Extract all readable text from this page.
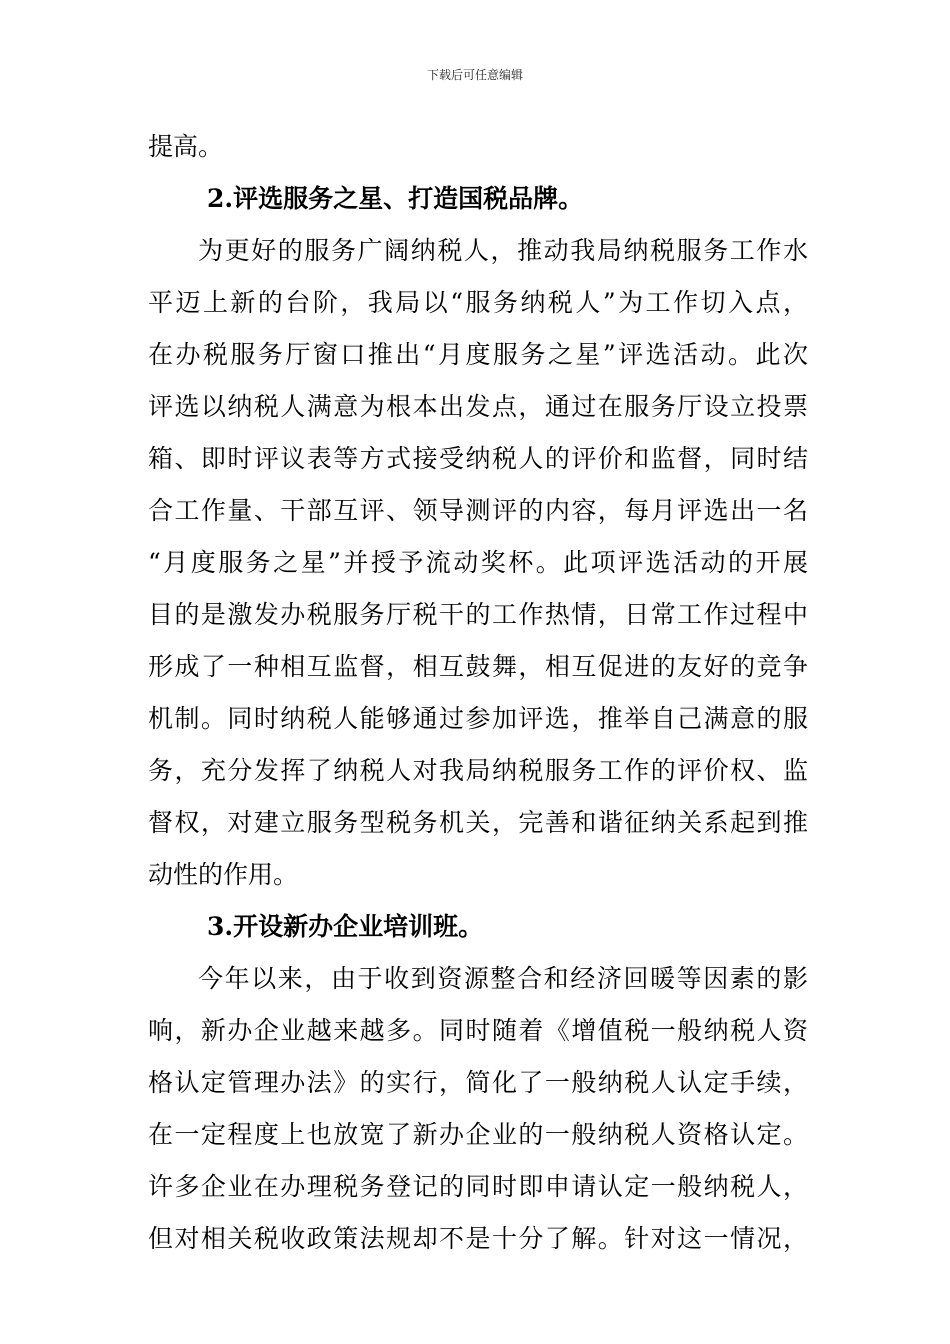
下载后可任意编辑
提高。
2.评选服务之星、打造国税品牌。
为更好的服务广阔纳税人，推动我局纳税服务工作水
平迈上新的台阶，我局以“服务纳税人”为工作切入点，
在办税服务厅窗口推出“月度服务之星”评选活动。此次
评选以纳税人满意为根本出发点，通过在服务厅设立投票
箱、即时评议表等方式接受纳税人的评价和监督，同时结
合工作量、干部互评、领导测评的内容，每月评选出一名
“月度服务之星”并授予流动奖杯。此项评选活动的开展
目的是激发办税服务厅税干的工作热情，日常工作过程中
形成了一种相互监督，相互鼓舞，相互促进的友好的竞争
机制。同时纳税人能够通过参加评选，推举自己满意的服
务，充分发挥了纳税人对我局纳税服务工作的评价权、监
督权，对建立服务型税务机关，完善和谐征纳关系起到推
动性的作用。
3.开设新办企业培训班。
今年以来，由于收到资源整合和经济回暖等因素的影
响，新办企业越来越多。同时随着《增值税一般纳税人资
格认定管理办法》的实行，简化了一般纳税人认定手续，
在一定程度上也放宽了新办企业的一般纳税人资格认定。
许多企业在办理税务登记的同时即申请认定一般纳税人，
但对相关税收政策法规却不是十分了解。针对这一情况，
